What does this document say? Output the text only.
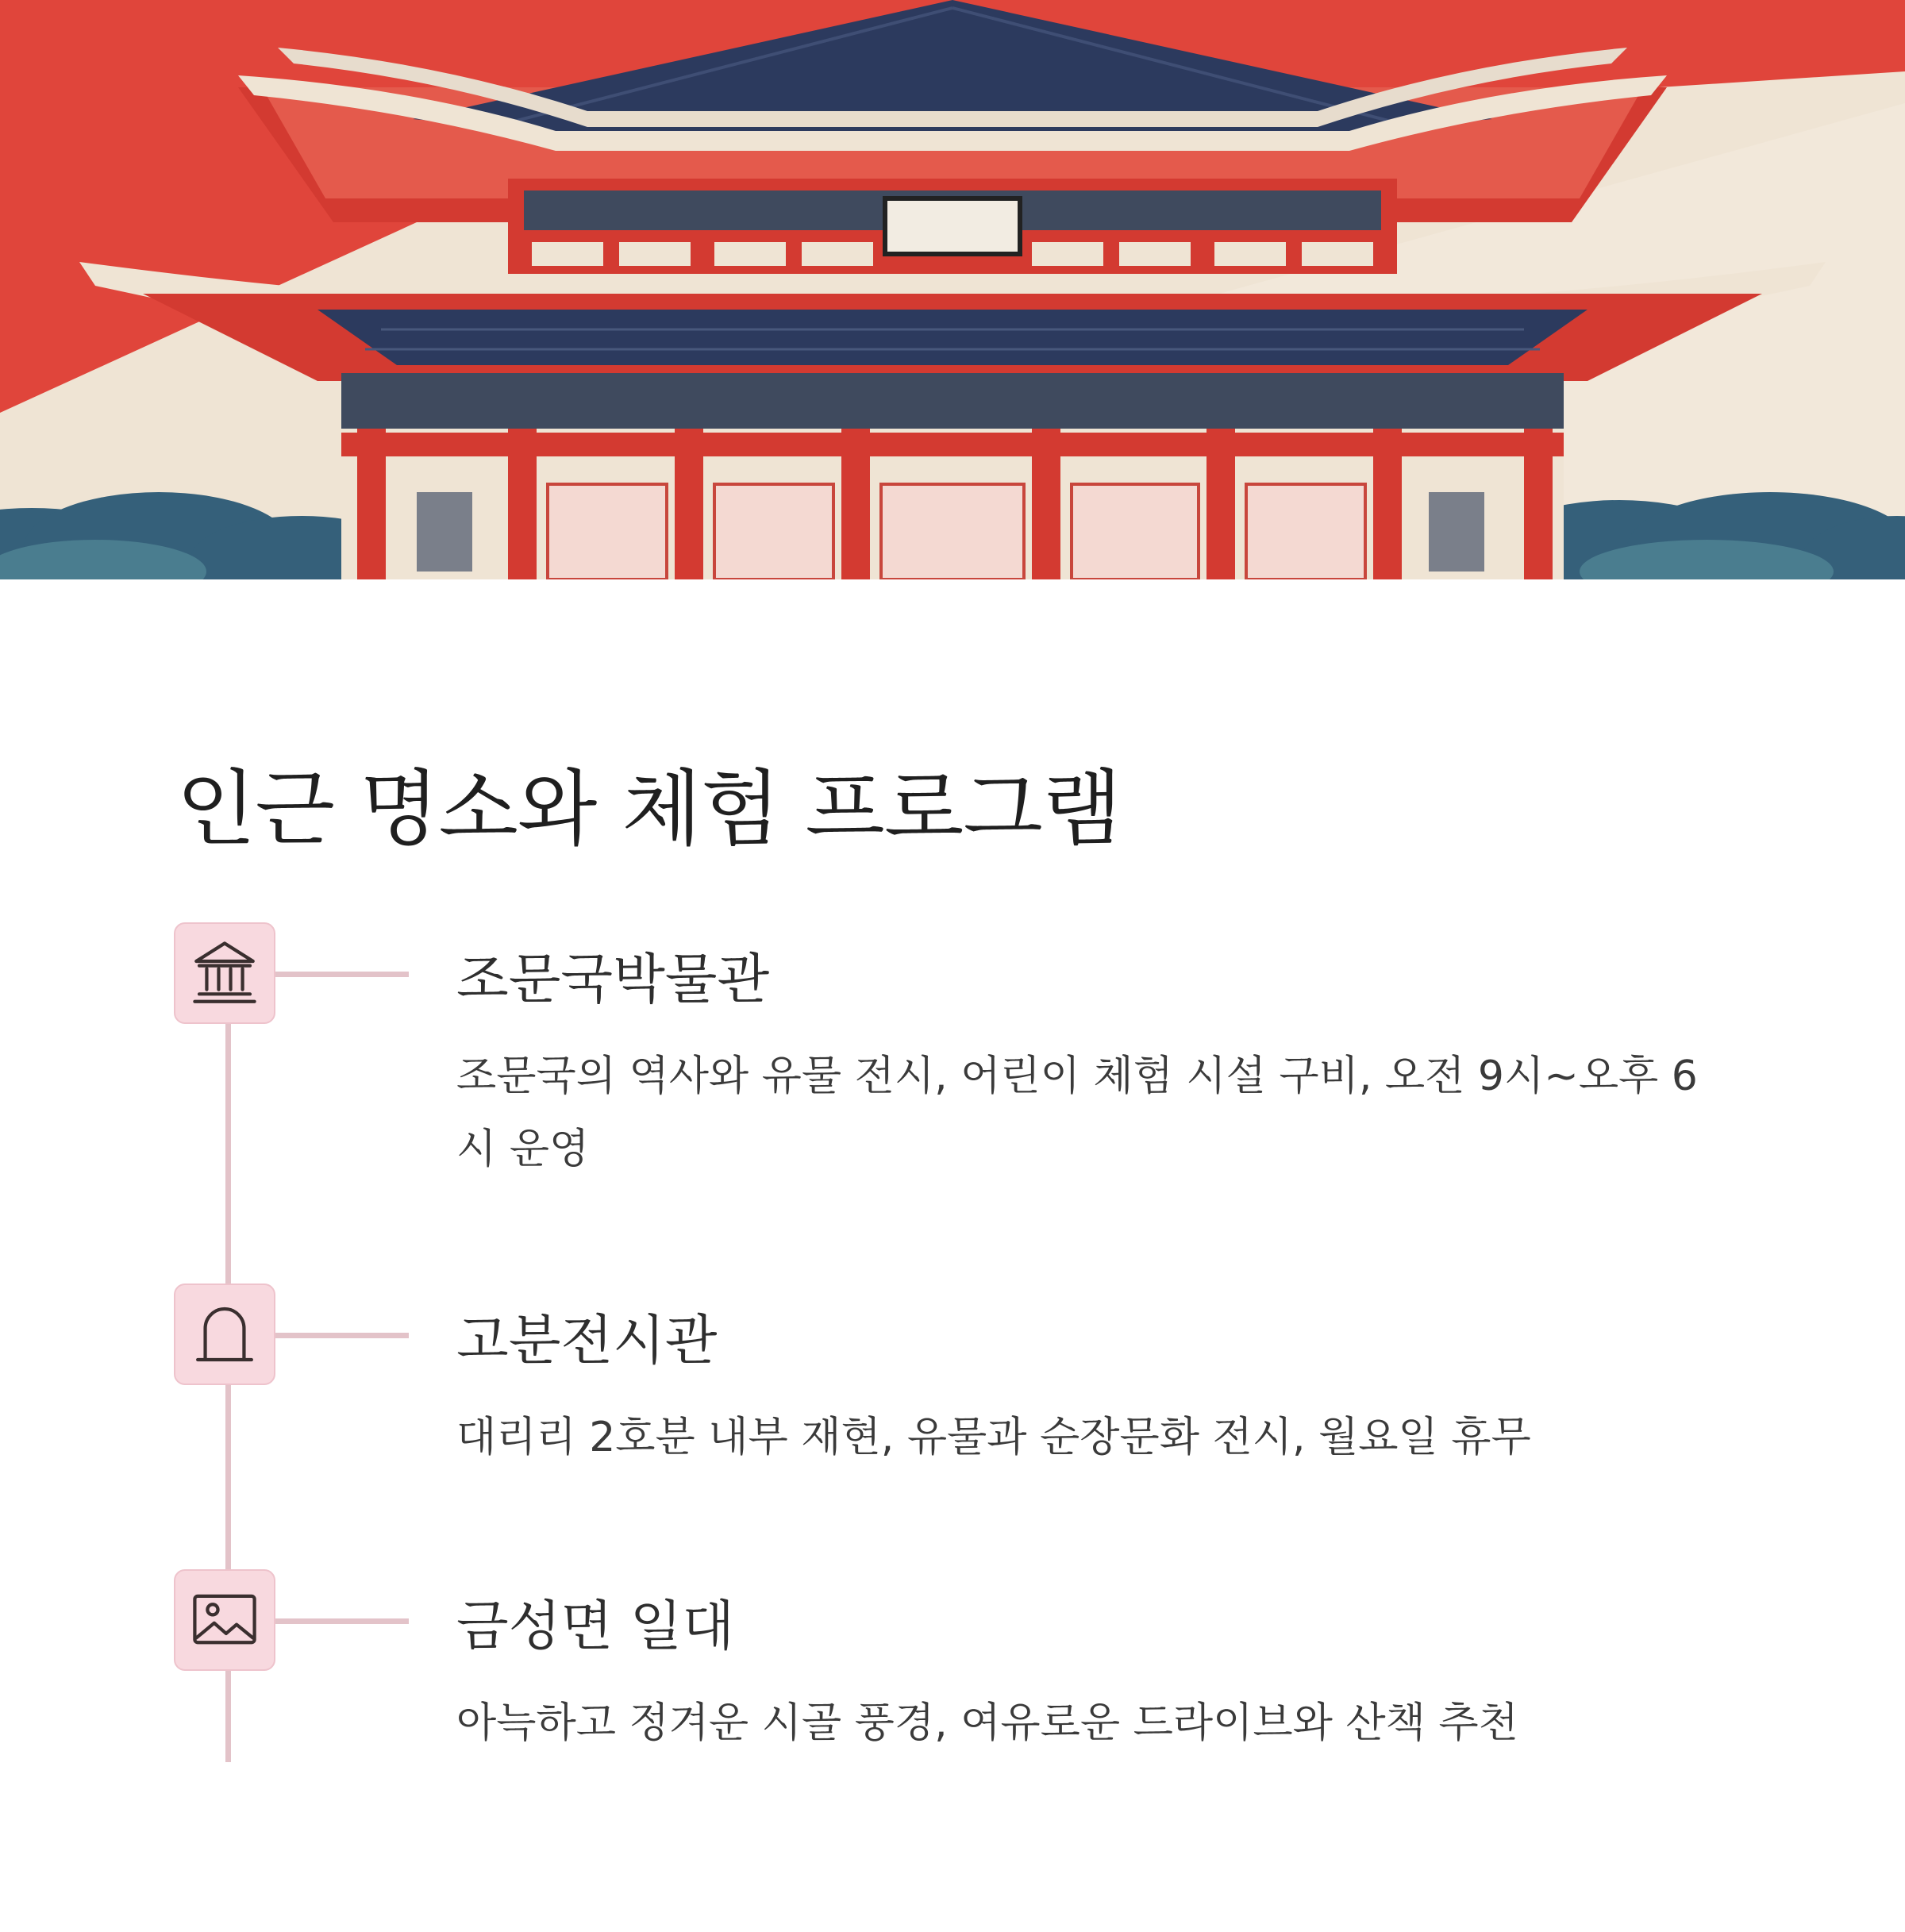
인근 명소와 체험 프로그램
조문국박물관

조문국의 역사와 유물 전시, 어린이 체험 시설 구비, 오전 9시~오후 6시 운영

고분전시관

대리리 2호분 내부 재현, 유물과 순장문화 전시, 월요일 휴무

금성면 일대

아늑하고 정겨운 시골 풍경, 여유로운 드라이브와 산책 추천
